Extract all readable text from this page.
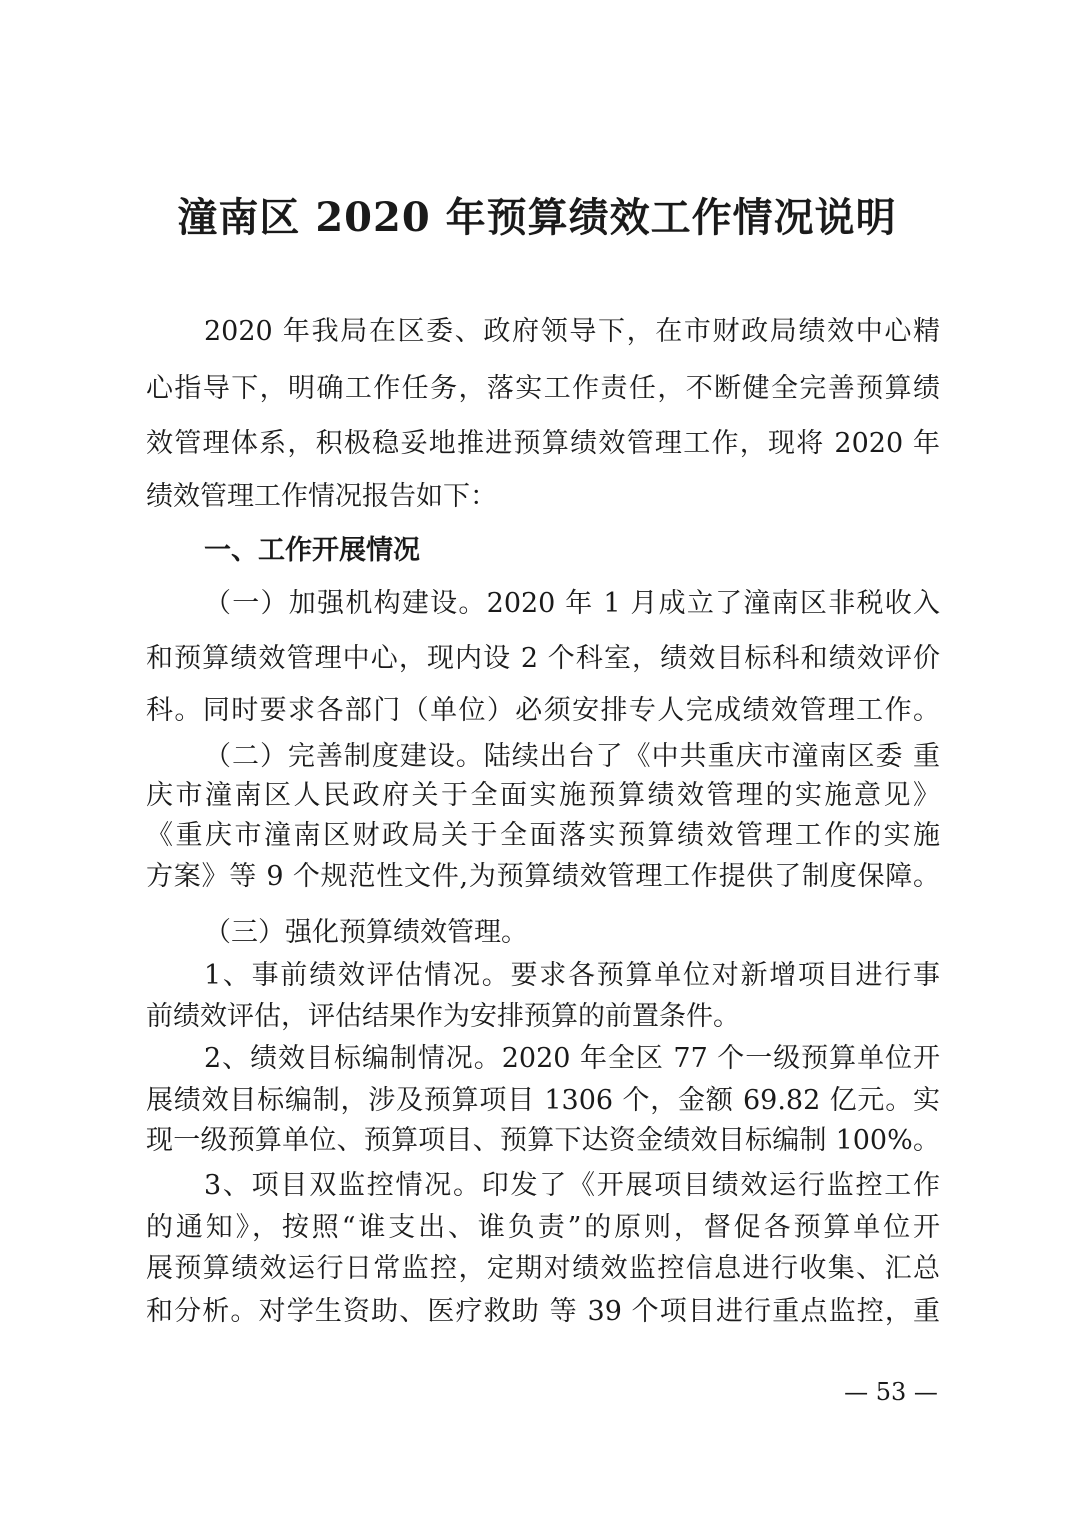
潼南区 2020 年预算绩效工作情况说明

2020 年我局在区委、政府领导下，在市财政局绩效中心精

心指导下，明确工作任务，落实工作责任，不断健全完善预算绩

效管理体系，积极稳妥地推进预算绩效管理工作，现将 2020 年

绩效管理工作情况报告如下：

一、工作开展情况

（一）加强机构建设。2020 年 1 月成立了潼南区非税收入

和预算绩效管理中心，现内设 2 个科室，绩效目标科和绩效评价

科。同时要求各部门（单位）必须安排专人完成绩效管理工作。

（二）完善制度建设。陆续出台了《中共重庆市潼南区委 重

庆市潼南区人民政府关于全面实施预算绩效管理的实施意见》

《重庆市潼南区财政局关于全面落实预算绩效管理工作的实施

方案》等 9 个规范性文件,为预算绩效管理工作提供了制度保障。

（三）强化预算绩效管理。

1、事前绩效评估情况。要求各预算单位对新增项目进行事

前绩效评估，评估结果作为安排预算的前置条件。

2、绩效目标编制情况。2020 年全区 77 个一级预算单位开

展绩效目标编制，涉及预算项目 1306 个，金额 69.82 亿元。实

现一级预算单位、预算项目、预算下达资金绩效目标编制 100%。

3、项目双监控情况。印发了《开展项目绩效运行监控工作

的通知》，按照“谁支出、谁负责”的原则，督促各预算单位开

展预算绩效运行日常监控，定期对绩效监控信息进行收集、汇总

和分析。对学生资助、医疗救助 等 39 个项目进行重点监控，重

— 53 —
